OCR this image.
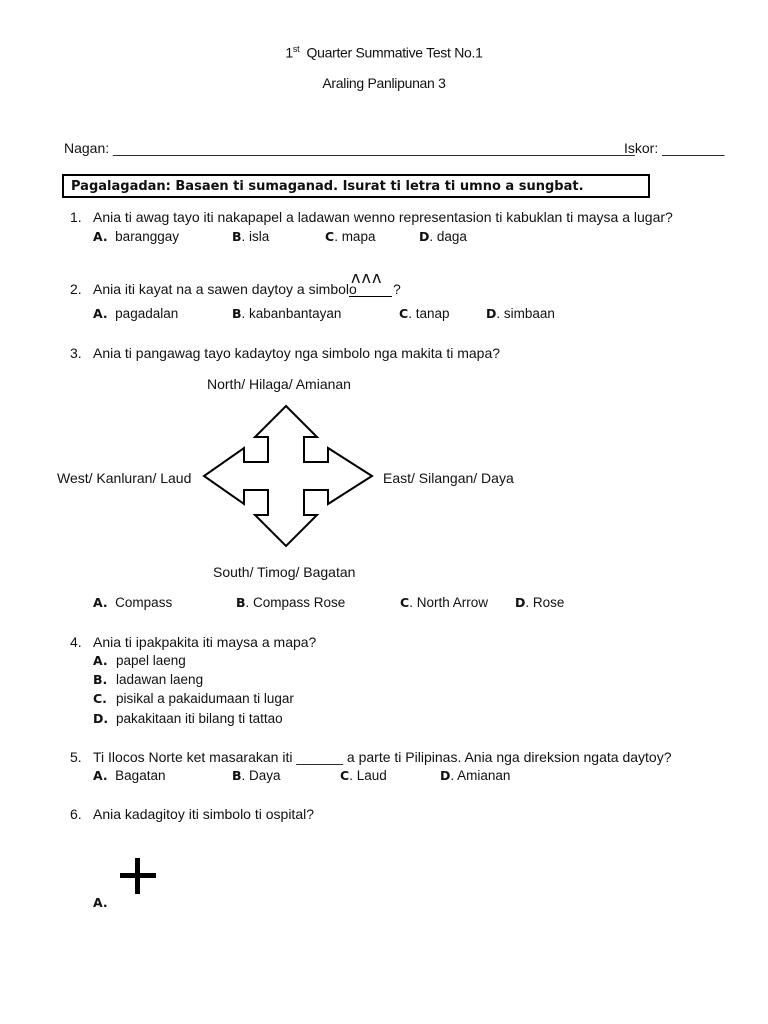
1st Quarter Summative Test No.1
Araling Panlipunan 3
Nagan: ___________________________________________________________________
Iskor: ________
Pagalagadan: Basaen ti sumaganad. Isurat ti letra ti umno a sungbat.
1. Ania ti awag tayo iti nakapapel a ladawan wenno representasion ti kabuklan ti maysa a lugar?
A. baranggay	B. isla	C. mapa	D. daga
2. Ania iti kayat na a sawen daytoy a simbolo
ʌʌʌ
?
A. pagadalan	B. kabanbantayan	C. tanap	D. simbaan
3. Ania ti pangawag tayo kadaytoy nga simbolo nga makita ti mapa?
North/ Hilaga/ Amianan
West/ Kanluran/ Laud	East/ Silangan/ Daya
South/ Timog/ Bagatan
A. Compass	B. Compass Rose	C. North Arrow D. Rose
4. Ania ti ipakpakita iti maysa a mapa?
A. papel laeng
B. ladawan laeng
C. pisikal a pakaidumaan ti lugar
D. pakakitaan iti bilang ti tattao
5. Ti Ilocos Norte ket masarakan iti ______ a parte ti Pilipinas. Ania nga direksion ngata daytoy?
A. Bagatan	B. Daya	C. Laud	D. Amianan
6. Ania kadagitoy iti simbolo ti ospital?
A.
